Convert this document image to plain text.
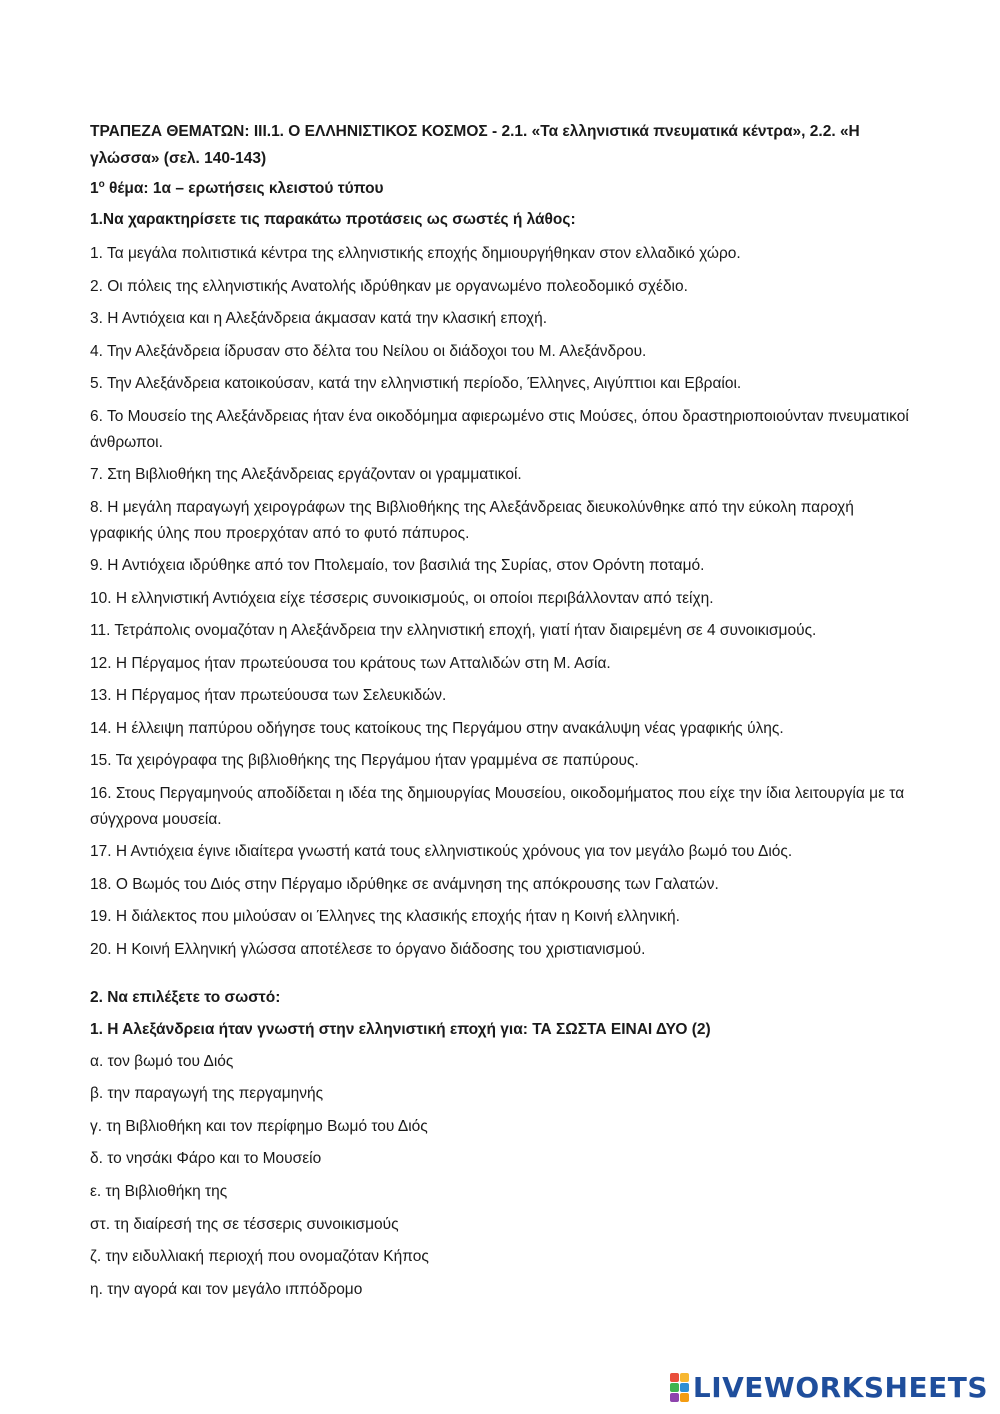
ΤΡΑΠΕΖΑ ΘΕΜΑΤΩΝ: ΙΙΙ.1. Ο ΕΛΛΗΝΙΣΤΙΚΟΣ ΚΟΣΜΟΣ - 2.1. «Τα ελληνιστικά πνευματικά κέντρα», 2.2. «Η γλώσσα» (σελ. 140-143)
$1^o$ θέμα: 1α – ερωτήσεις κλειστού τύπου
1.Να χαρακτηρίσετε τις παρακάτω προτάσεις ως σωστές ή λάθος:
1. Τα μεγάλα πολιτιστικά κέντρα της ελληνιστικής εποχής δημιουργήθηκαν στον ελλαδικό χώρο.
2. Οι πόλεις της ελληνιστικής Ανατολής ιδρύθηκαν με οργανωμένο πολεοδομικό σχέδιο.
3. Η Αντιόχεια και η Αλεξάνδρεια άκμασαν κατά την κλασική εποχή.
4. Την Αλεξάνδρεια ίδρυσαν στο δέλτα του Νείλου οι διάδοχοι του Μ. Αλεξάνδρου.
5. Την Αλεξάνδρεια κατοικούσαν, κατά την ελληνιστική περίοδο, Έλληνες, Αιγύπτιοι και Εβραίοι.
6. Το Μουσείο της Αλεξάνδρειας ήταν ένα οικοδόμημα αφιερωμένο στις Μούσες, όπου δραστηριοποιούνταν πνευματικοί άνθρωποι.
7. Στη Βιβλιοθήκη της Αλεξάνδρειας εργάζονταν οι γραμματικοί.
8. Η μεγάλη παραγωγή χειρογράφων της Βιβλιοθήκης της Αλεξάνδρειας διευκολύνθηκε από την εύκολη παροχή γραφικής ύλης που προερχόταν από το φυτό πάπυρος.
9. Η Αντιόχεια ιδρύθηκε από τον Πτολεμαίο, τον βασιλιά της Συρίας, στον Ορόντη ποταμό.
10. Η ελληνιστική Αντιόχεια είχε τέσσερις συνοικισμούς, οι οποίοι περιβάλλονταν από τείχη.
11. Τετράπολις ονομαζόταν η Αλεξάνδρεια την ελληνιστική εποχή, γιατί ήταν διαιρεμένη σε 4 συνοικισμούς.
12. Η Πέργαμος ήταν πρωτεύουσα του κράτους των Ατταλιδών στη Μ. Ασία.
13. Η Πέργαμος ήταν πρωτεύουσα των Σελευκιδών.
14. Η έλλειψη παπύρου οδήγησε τους κατοίκους της Περγάμου στην ανακάλυψη νέας γραφικής ύλης.
15. Τα χειρόγραφα της βιβλιοθήκης της Περγάμου ήταν γραμμένα σε παπύρους.
16. Στους Περγαμηνούς αποδίδεται η ιδέα της δημιουργίας Μουσείου, οικοδομήματος που είχε την ίδια λειτουργία με τα σύγχρονα μουσεία.
17. Η Αντιόχεια έγινε ιδιαίτερα γνωστή κατά τους ελληνιστικούς χρόνους για τον μεγάλο βωμό του Διός.
18. Ο Βωμός του Διός στην Πέργαμο ιδρύθηκε σε ανάμνηση της απόκρουσης των Γαλατών.
19. Η διάλεκτος που μιλούσαν οι Έλληνες της κλασικής εποχής ήταν η Κοινή ελληνική.
20. Η Κοινή Ελληνική γλώσσα αποτέλεσε το όργανο διάδοσης του χριστιανισμού.
2. Να επιλέξετε το σωστό:
1. Η Αλεξάνδρεια ήταν γνωστή στην ελληνιστική εποχή για: ΤΑ ΣΩΣΤΑ ΕΙΝΑΙ ΔΥΟ (2)
α. τον βωμό του Διός
β. την παραγωγή της περγαμηνής
γ. τη Βιβλιοθήκη και τον περίφημο Βωμό του Διός
δ. το νησάκι Φάρο και το Μουσείο
ε. τη Βιβλιοθήκη της
στ. τη διαίρεσή της σε τέσσερις συνοικισμούς
ζ. την ειδυλλιακή περιοχή που ονομαζόταν Κήπος
η. την αγορά και τον μεγάλο ιππόδρομο
LIVEWORKSHEETS
